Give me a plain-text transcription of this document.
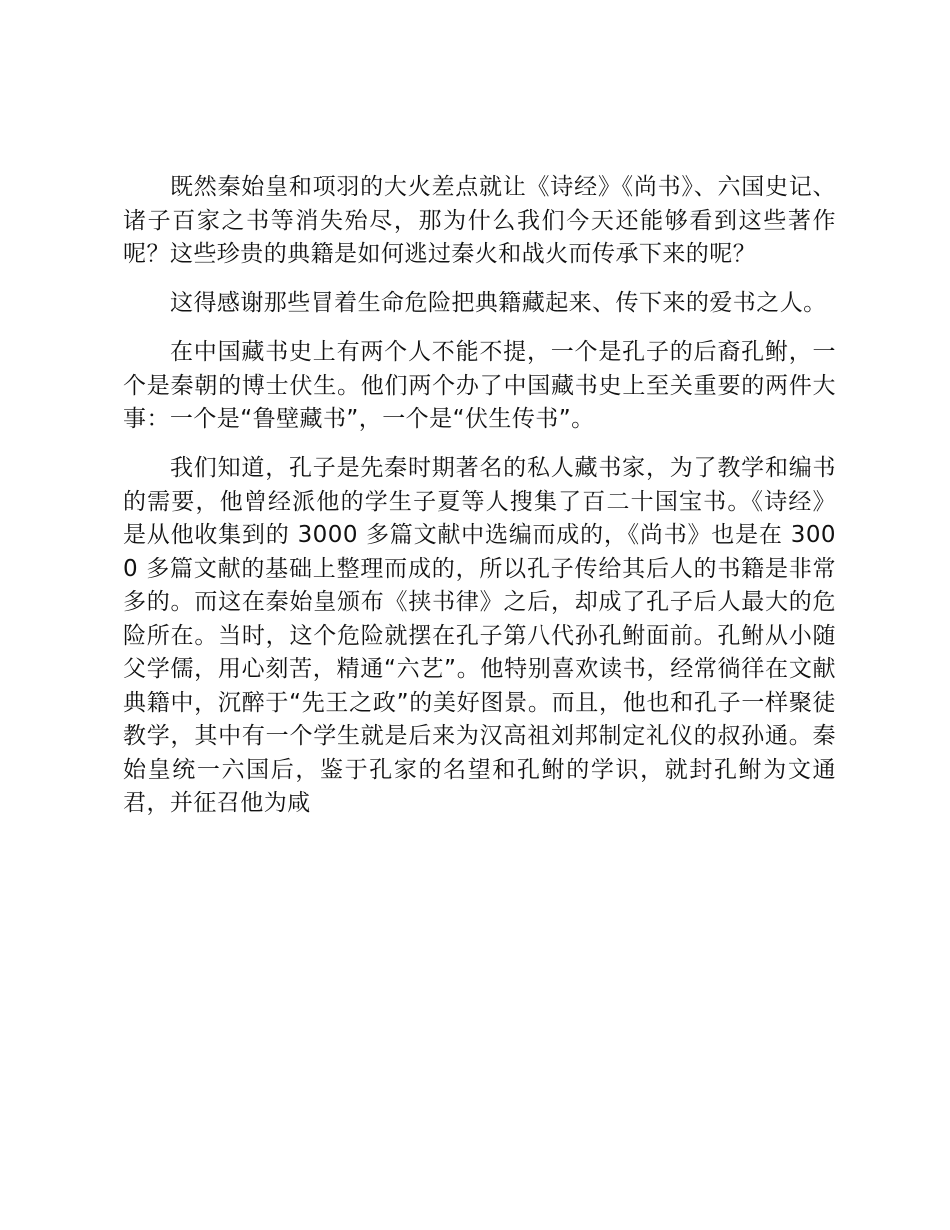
既然秦始皇和项羽的大火差点就让《诗经》《尚书》、六国史记、诸子百家之书等消失殆尽，那为什么我们今天还能够看到这些著作呢？这些珍贵的典籍是如何逃过秦火和战火而传承下来的呢？

这得感谢那些冒着生命危险把典籍藏起来、传下来的爱书之人。

在中国藏书史上有两个人不能不提，一个是孔子的后裔孔鲋，一个是秦朝的博士伏生。他们两个办了中国藏书史上至关重要的两件大事：一个是“鲁壁藏书”，一个是“伏生传书”。

我们知道，孔子是先秦时期著名的私人藏书家，为了教学和编书的需要，他曾经派他的学生子夏等人搜集了百二十国宝书。《诗经》是从他收集到的 3000 多篇文献中选编而成的，《尚书》也是在 3000 多篇文献的基础上整理而成的，所以孔子传给其后人的书籍是非常多的。而这在秦始皇颁布《挟书律》之后，却成了孔子后人最大的危险所在。当时，这个危险就摆在孔子第八代孙孔鲋面前。孔鲋从小随父学儒，用心刻苦，精通“六艺”。他特别喜欢读书，经常徜徉在文献典籍中，沉醉于“先王之政”的美好图景。而且，他也和孔子一样聚徒教学，其中有一个学生就是后来为汉高祖刘邦制定礼仪的叔孙通。秦始皇统一六国后，鉴于孔家的名望和孔鲋的学识，就封孔鲋为文通君，并征召他为咸
